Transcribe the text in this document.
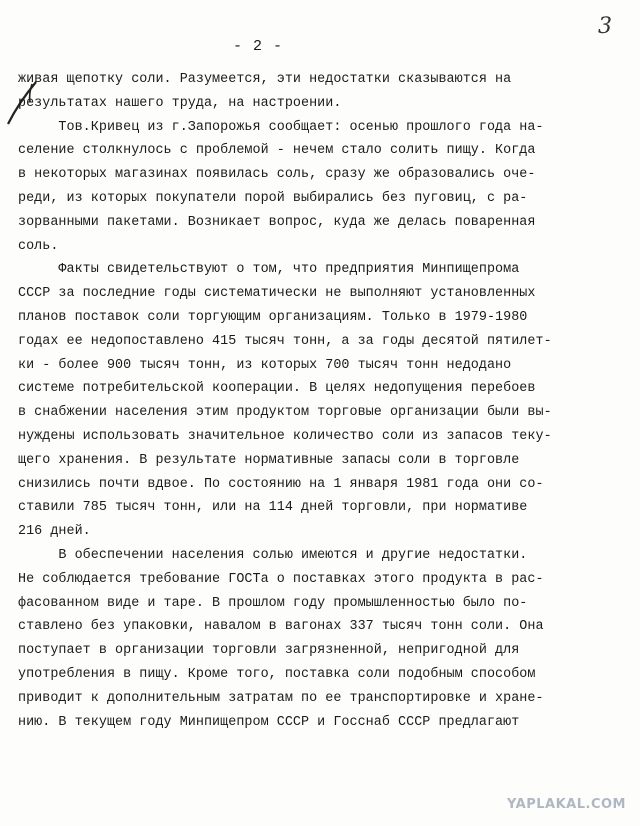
3
- 2 -
живая щепотку соли. Разумеется, эти недостатки сказываются на
результатах нашего труда, на настроении.
Тов.Кривец из г.Запорожья сообщает: осенью прошлого года на-
селение столкнулось с проблемой - нечем стало солить пищу. Когда
в некоторых магазинах появилась соль, сразу же образовались оче-
реди, из которых покупатели порой выбирались без пуговиц, с ра-
зорванными пакетами. Возникает вопрос, куда же делась поваренная
соль.
Факты свидетельствуют о том, что предприятия Минпищепрома
СССР за последние годы систематически не выполняют установленных
планов поставок соли торгующим организациям. Только в 1979-1980
годах ее недопоставлено 415 тысяч тонн, а за годы десятой пятилет-
ки - более 900 тысяч тонн, из которых 700 тысяч тонн недодано
системе потребительской кооперации. В целях недопущения перебоев
в снабжении населения этим продуктом торговые организации были вы-
нуждены использовать значительное количество соли из запасов теку-
щего хранения. В результате нормативные запасы соли в торговле
снизились почти вдвое. По состоянию на 1 января 1981 года они со-
ставили 785 тысяч тонн, или на 114 дней торговли, при нормативе
216 дней.
В обеспечении населения солью имеются и другие недостатки.
Не соблюдается требование ГОСТа о поставках этого продукта в рас-
фасованном виде и таре. В прошлом году промышленностью было по-
ставлено без упаковки, навалом в вагонах 337 тысяч тонн соли. Она
поступает в организации торговли загрязненной, непригодной для
употребления в пищу. Кроме того, поставка соли подобным способом
приводит к дополнительным затратам по ее транспортировке и хране-
нию. В текущем году Минпищепром СССР и Госснаб СССР предлагают
YAPLAKAL.COM
